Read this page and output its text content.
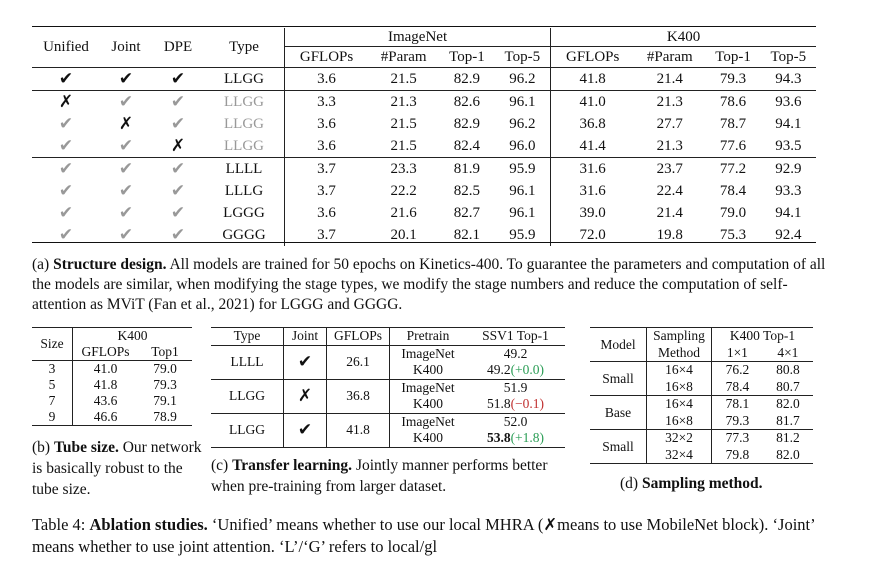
Unified	Joint	DPE	Type	ImageNet				K400			
				GFLOPs	#Param	Top-1	Top-5	GFLOPs	#Param	Top-1	Top-5
✔	✔	✔	LLGG	3.6	21.5	82.9	96.2	41.8	21.4	79.3	94.3
✗	✔	✔	LLGG	3.3	21.3	82.6	96.1	41.0	21.3	78.6	93.6
✔	✗	✔	LLGG	3.6	21.5	82.9	96.2	36.8	27.7	78.7	94.1
✔	✔	✗	LLGG	3.6	21.5	82.4	96.0	41.4	21.3	77.6	93.5
✔	✔	✔	LLLL	3.7	23.3	81.9	95.9	31.6	23.7	77.2	92.9
✔	✔	✔	LLLG	3.7	22.2	82.5	96.1	31.6	22.4	78.4	93.3
✔	✔	✔	LGGG	3.6	21.6	82.7	96.1	39.0	21.4	79.0	94.1
✔	✔	✔	GGGG	3.7	20.1	82.1	95.9	72.0	19.8	75.3	92.4
(a) Structure design. All models are trained for 50 epochs on Kinetics-400. To guarantee the parameters and computation of all the models are similar, when modifying the stage types, we modify the stage numbers and reduce the computation of self-attention as MViT (Fan et al., 2021) for LGGG and GGGG.
Size	K400	
	GFLOPs	Top1
3	41.0	79.0
5	41.8	79.3
7	43.6	79.1
9	46.6	78.9
(b) Tube size. Our network is basically robust to the tube size.
Type	Joint	GFLOPs	Pretrain	SSV1 Top-1
LLLL	✔	26.1	ImageNet	49.2
			K400	49.2(+0.0)
LLGG	✗	36.8	ImageNet	51.9
			K400	51.8(−0.1)
LLGG	✔	41.8	ImageNet	52.0
			K400	53.8(+1.8)
(c) Transfer learning. Jointly manner performs better when pre-training from larger dataset.
Model	Sampling	K400 Top-1	
	Method	1×1	4×1
Small	16×4	76.2	80.8
	16×8	78.4	80.7
Base	16×4	78.1	82.0
	16×8	79.3	81.7
Small	32×2	77.3	81.2
	32×4	79.8	82.0
(d) Sampling method.
Table 4: Ablation studies. ‘Unified’ means whether to use our local MHRA (✗means to use MobileNet block). ‘Joint’ means whether to use joint attention. ‘L’/‘G’ refers to local/gl
